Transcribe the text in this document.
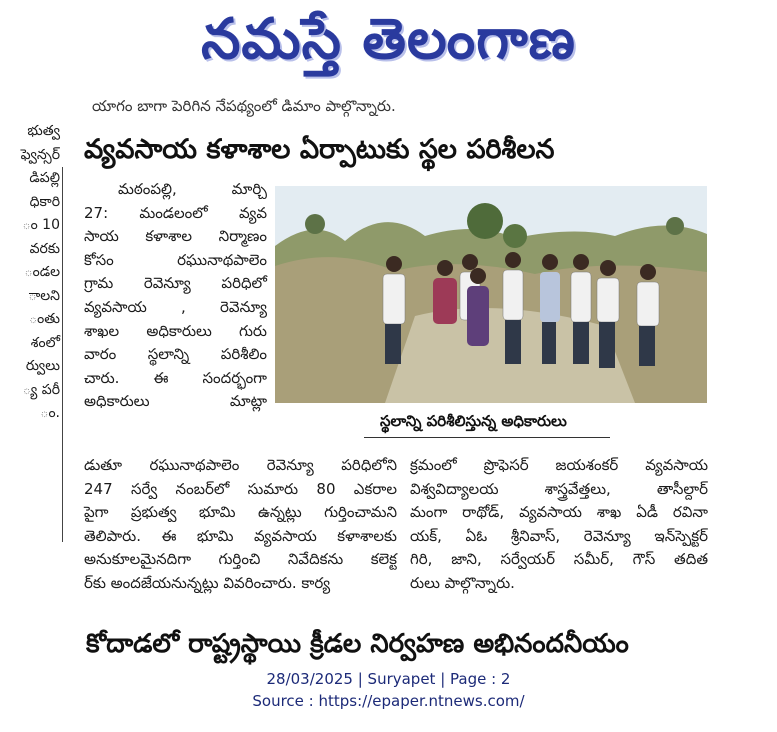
నమస్తే తెలంగాణ
యాగం బాగా పెరిగిన నేపథ్యంలో డిమాం పాల్గొన్నారు.
భుత్వ
ఫ్వెన్సర్
డిపల్లి
ధికారి
ం 10
వరకు
ండల
ాలని
ంతు
శంలో
ర్వులు
్య పరీ
ం.
వ్యవసాయ కళాశాల ఏర్పాటుకు స్థల పరిశీలన
మఠంపల్లి, మార్చి
27: మండలంలో వ్యవ
సాయ కళాశాల నిర్మాణం
కోసం రఘునాథపాలెం
గ్రామ రెవెన్యూ పరిధిలో
వ్యవసాయ , రెవెన్యూ
శాఖల అధికారులు గురు
వారం స్థలాన్ని పరిశీలిం
చారు. ఈ సందర్భంగా
అధికారులు మాట్లా
స్థలాన్ని పరిశీలిస్తున్న అధికారులు
డుతూ రఘునాథపాలెం రెవెన్యూ పరిధిలోని
247 సర్వే నంబర్‌లో సుమారు 80 ఎకరాల
పైగా ప్రభుత్వ భూమి ఉన్నట్లు గుర్తించామని
తెలిపారు. ఈ భూమి వ్యవసాయ కళాశాలకు
అనుకూలమైనదిగా గుర్తించి నివేదికను కలెక్ట
ర్‌కు అందజేయనున్నట్లు వివరించారు. కార్య
క్రమంలో ప్రొఫెసర్ జయశంకర్ వ్యవసాయ
విశ్వవిద్యాలయ శాస్త్రవేత్తలు, తాసీల్దార్
మంగా రాథోడ్, వ్యవసాయ శాఖ ఏడీ రవినా
యక్, ఏఓ శ్రీనివాస్, రెవెన్యూ ఇన్‌స్పెక్టర్
గిరి, జాని, సర్వేయర్ సమీర్, గౌస్ తదిత
రులు పాల్గొన్నారు.
కోదాడలో రాష్ట్రస్థాయి క్రీడల నిర్వహణ అభినందనీయం
28/03/2025 | Suryapet | Page : 2
Source : https://epaper.ntnews.com/
